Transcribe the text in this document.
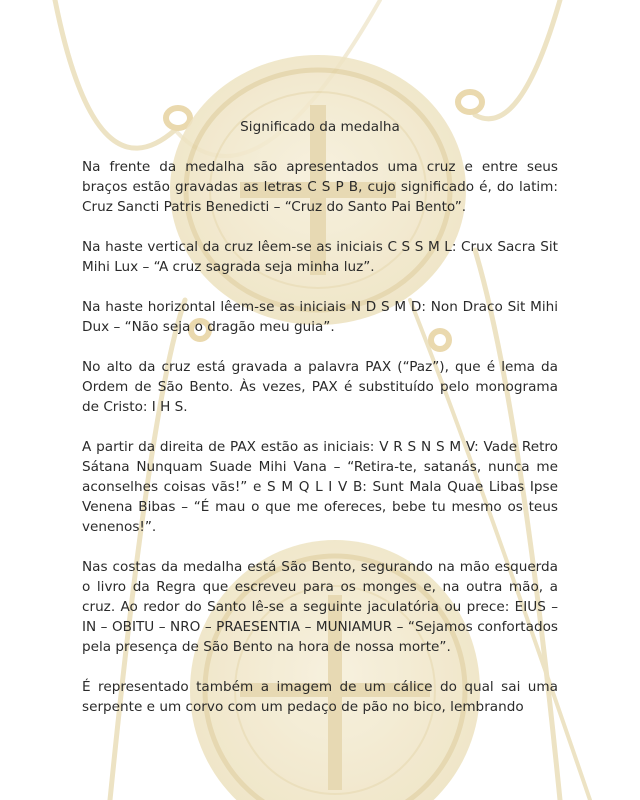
Significado da medalha

Na frente da medalha são apresentados uma cruz e entre seus braços estão gravadas as letras C S P B, cujo significado é, do latim: Cruz Sancti Patris Benedicti – “Cruz do Santo Pai Bento”.

Na haste vertical da cruz lêem-se as iniciais C S S M L: Crux Sacra Sit Mihi Lux – “A cruz sagrada seja minha luz”.

Na haste horizontal lêem-se as iniciais N D S M D: Non Draco Sit Mihi Dux – “Não seja o dragão meu guia”.

No alto da cruz está gravada a palavra PAX (“Paz”), que é lema da Ordem de São Bento. Às vezes, PAX é substituído pelo monograma de Cristo: I H S.

A partir da direita de PAX estão as iniciais: V R S N S M V: Vade Retro Sátana Nunquam Suade Mihi Vana – “Retira-te, satanás, nunca me aconselhes coisas vãs!” e S M Q L I V B: Sunt Mala Quae Libas Ipse Venena Bibas – “É mau o que me ofereces, bebe tu mesmo os teus venenos!”.

Nas costas da medalha está São Bento, segurando na mão esquerda o livro da Regra que escreveu para os monges e, na outra mão, a cruz. Ao redor do Santo lê-se a seguinte jaculatória ou prece: EIUS – IN – OBITU – NRO – PRAESENTIA – MUNIAMUR – “Sejamos confortados pela presença de São Bento na hora de nossa morte”.

É representado também a imagem de um cálice do qual sai uma serpente e um corvo com um pedaço de pão no bico, lembrando
